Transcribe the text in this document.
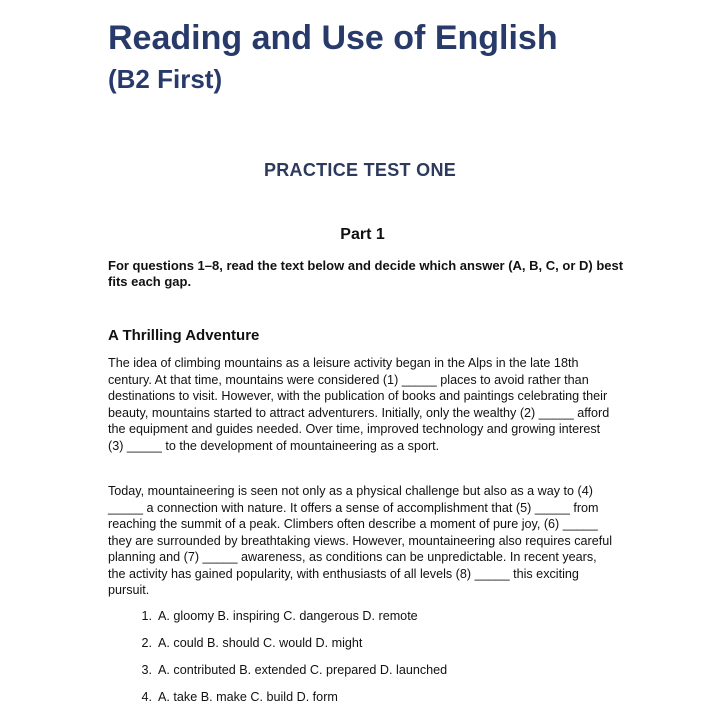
Reading and Use of English
(B2 First)
PRACTICE TEST ONE
Part 1
For questions 1–8, read the text below and decide which answer (A, B, C, or D) best fits each gap.
A Thrilling Adventure

The idea of climbing mountains as a leisure activity began in the Alps in the late 18th century. At that time, mountains were considered (1) _____ places to avoid rather than destinations to visit. However, with the publication of books and paintings celebrating their beauty, mountains started to attract adventurers. Initially, only the wealthy (2) _____ afford the equipment and guides needed. Over time, improved technology and growing interest (3) _____ to the development of mountaineering as a sport.

Today, mountaineering is seen not only as a physical challenge but also as a way to (4) _____ a connection with nature. It offers a sense of accomplishment that (5) _____ from reaching the summit of a peak. Climbers often describe a moment of pure joy, (6) _____ they are surrounded by breathtaking views. However, mountaineering also requires careful planning and (7) _____ awareness, as conditions can be unpredictable. In recent years, the activity has gained popularity, with enthusiasts of all levels (8) _____ this exciting pursuit.

1. A. gloomy B. inspiring C. dangerous D. remote
2. A. could B. should C. would D. might
3. A. contributed B. extended C. prepared D. launched
4. A. take B. make C. build D. form
